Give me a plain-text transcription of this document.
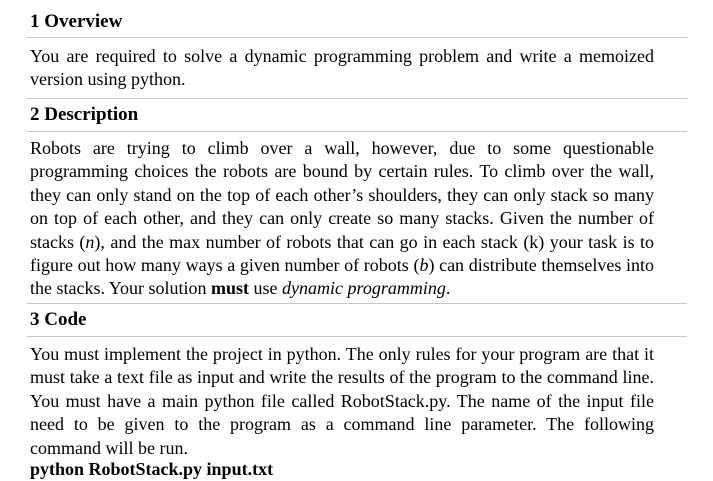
1 Overview
You are required to solve a dynamic programming problem and write a memoized version using python.
2 Description
Robots are trying to climb over a wall, however, due to some questionable programming choices the robots are bound by certain rules. To climb over the wall, they can only stand on the top of each other’s shoulders, they can only stack so many on top of each other, and they can only create so many stacks. Given the number of stacks (n), and the max number of robots that can go in each stack (k) your task is to figure out how many ways a given number of robots (b) can distribute themselves into the stacks. Your solution must use dynamic programming.
3 Code
You must implement the project in python. The only rules for your program are that it must take a text file as input and write the results of the program to the command line. You must have a main python file called RobotStack.py. The name of the input file need to be given to the program as a command line parameter. The following command will be run.
python RobotStack.py input.txt
